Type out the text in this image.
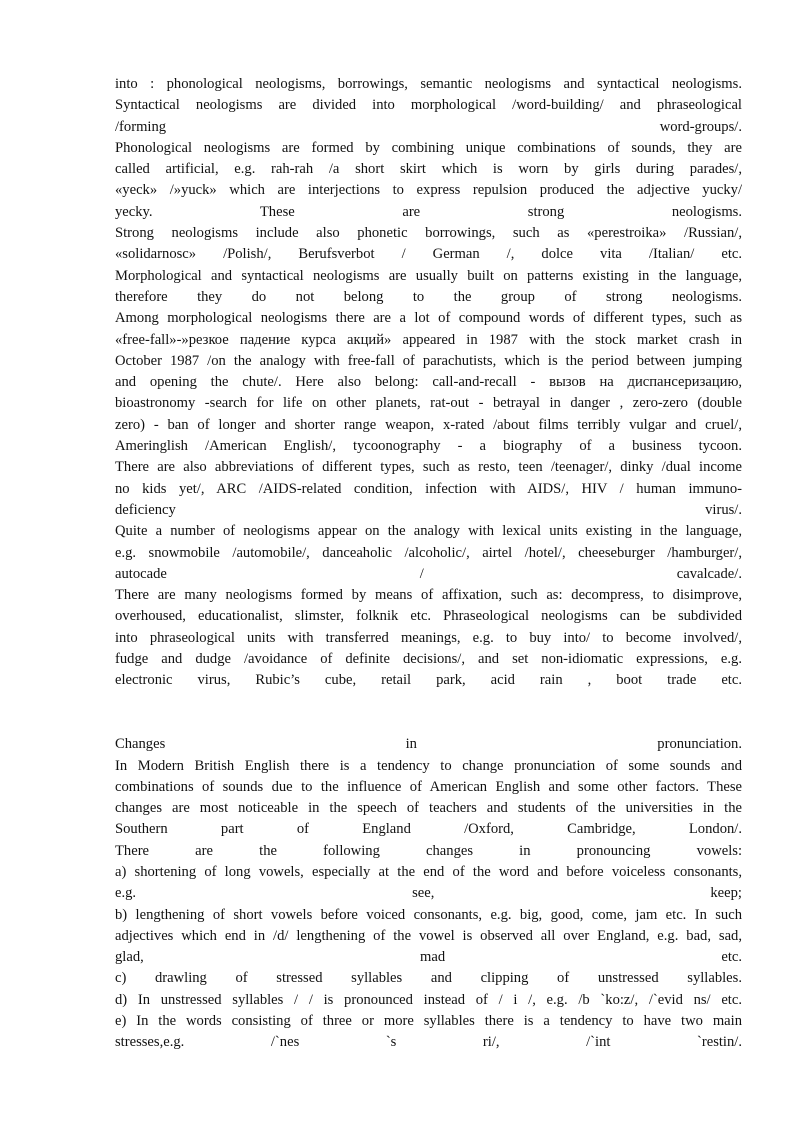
into : phonological neologisms, borrowings, semantic neologisms and syntactical neologisms.
Syntactical neologisms are divided into morphological /word-building/ and phraseological
/forming word-groups/.
Phonological neologisms are formed by combining unique combinations of sounds, they are
called artificial, e.g. rah-rah /a short skirt which is worn by girls during parades/,
«yeck» /»yuck» which are interjections to express repulsion produced the adjective yucky/
yecky. These are strong neologisms.
Strong neologisms include also phonetic borrowings, such as «perestroika» /Russian/,
«solidarnosc» /Polish/, Berufsverbot / German /, dolce vita /Italian/ etc.
Morphological and syntactical neologisms are usually built on patterns existing in the language,
therefore they do not belong to the group of strong neologisms.
Among morphological neologisms there are a lot of compound words of different types, such as
«free-fall»-»резкое падение курса акций» appeared in 1987 with the stock market crash in
October 1987 /on the analogy with free-fall of parachutists, which is the period between jumping
and opening the chute/. Here also belong: call-and-recall - вызов на диспансеризацию,
bioastronomy -search for life on other planets, rat-out - betrayal in danger , zero-zero (double
zero) - ban of longer and shorter range weapon, x-rated /about films terribly vulgar and cruel/,
Ameringlish /American English/, tycoonography - a biography of a business tycoon.
There are also abbreviations of different types, such as resto, teen /teenager/, dinky /dual income
no kids yet/, ARC /AIDS-related condition, infection with AIDS/, HIV / human immuno-
deficiency virus/.
Quite a number of neologisms appear on the analogy with lexical units existing in the language,
e.g. snowmobile /automobile/, danceaholic /alcoholic/, airtel /hotel/, cheeseburger /hamburger/,
autocade / cavalcade/.
There are many neologisms formed by means of affixation, such as: decompress, to disimprove,
overhoused, educationalist, slimster, folknik etc. Phraseological neologisms can be subdivided
into phraseological units with transferred meanings, e.g. to buy into/ to become involved/,
fudge and dudge /avoidance of definite decisions/, and set non-idiomatic expressions, e.g.
electronic virus, Rubic’s cube, retail park, acid rain , boot trade etc.
Changes in pronunciation.
In Modern British English there is a tendency to change pronunciation of some sounds and
combinations of sounds due to the influence of American English and some other factors. These
changes are most noticeable in the speech of teachers and students of the universities in the
Southern part of England /Oxford, Cambridge, London/.
There are the following changes in pronouncing vowels:
a) shortening of long vowels, especially at the end of the word and before voiceless consonants,
e.g. see, keep;
b) lengthening of short vowels before voiced consonants, e.g. big, good, come, jam etc. In such
adjectives which end in /d/ lengthening of the vowel is observed all over England, e.g. bad, sad,
glad, mad etc.
c) drawling of stressed syllables and clipping of unstressed syllables.
d) In unstressed syllables / / is pronounced instead of / i /, e.g. /b `ko:z/, /`evid ns/ etc.
e) In the words consisting of three or more syllables there is a tendency to have two main
stresses,e.g. /`nes `s ri/, /`int `restin/.
